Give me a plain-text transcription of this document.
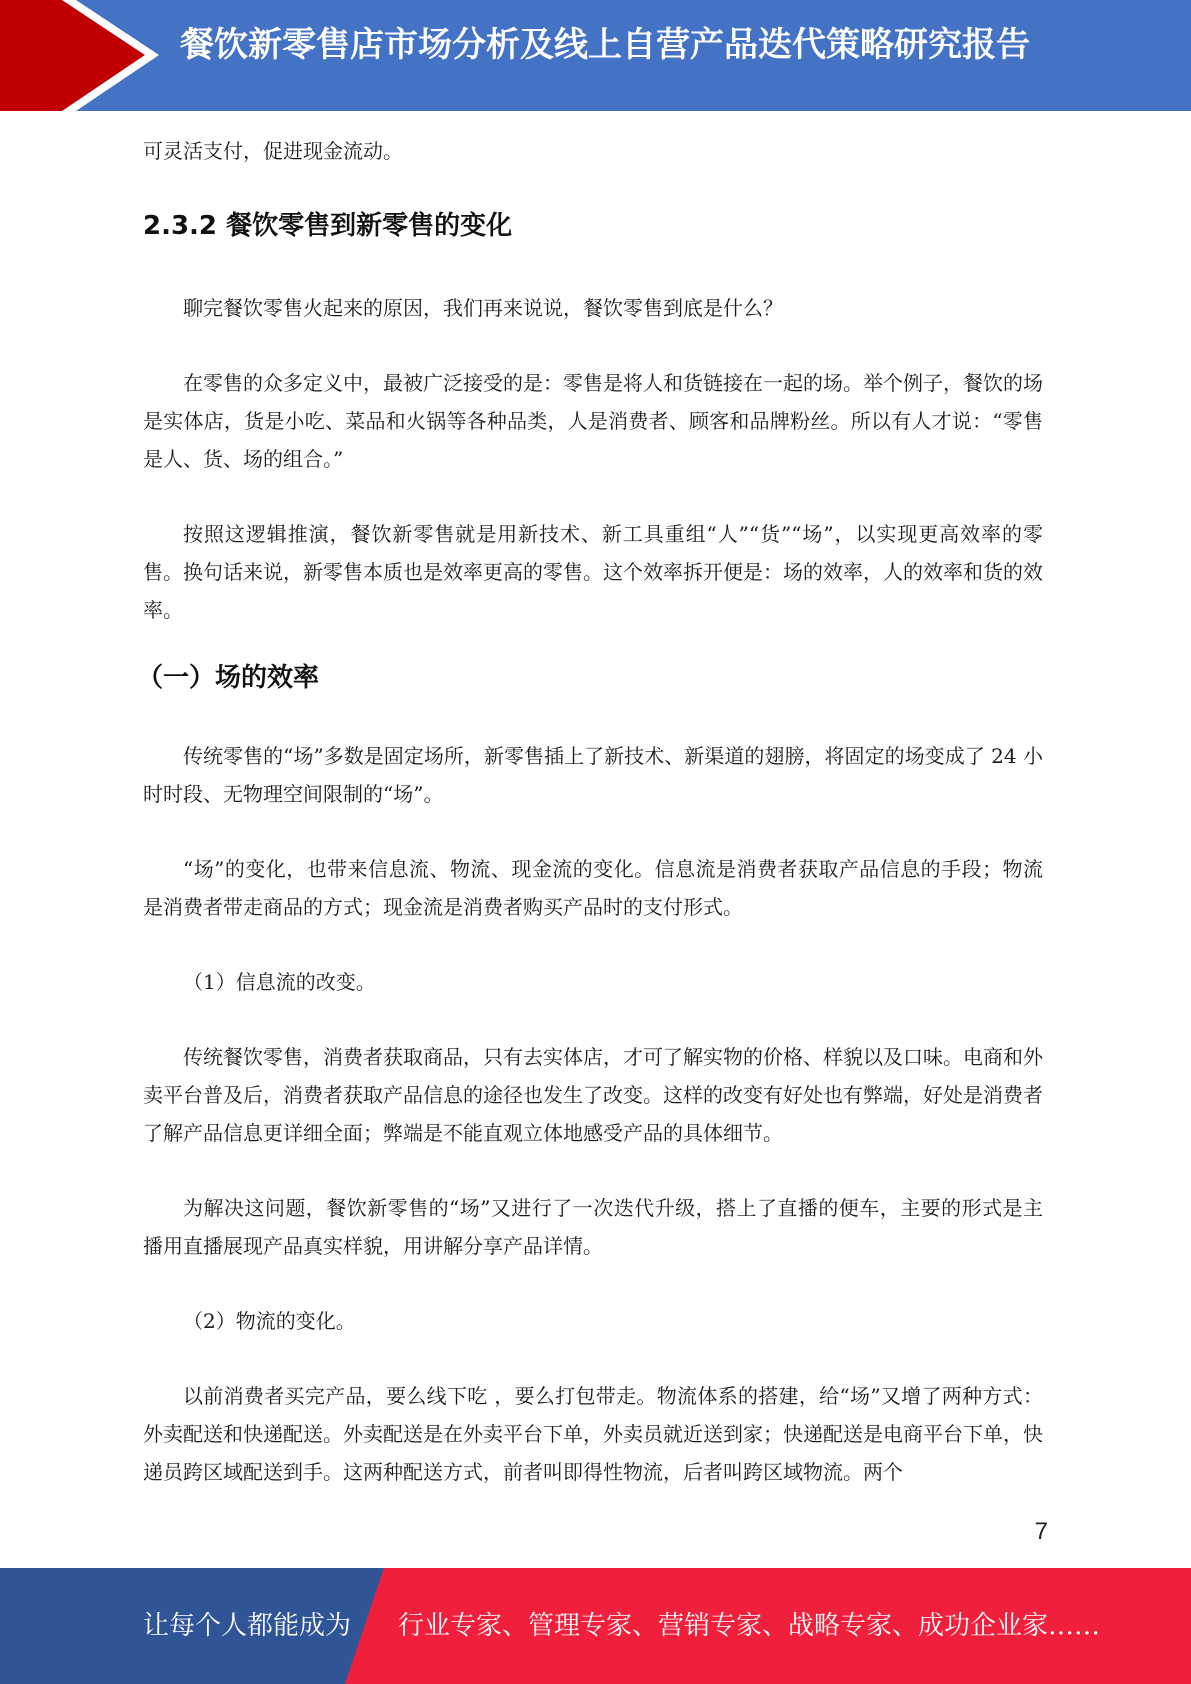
餐饮新零售店市场分析及线上自营产品迭代策略研究报告

可灵活支付，促进现金流动。

2.3.2 餐饮零售到新零售的变化

聊完餐饮零售火起来的原因，我们再来说说，餐饮零售到底是什么？

在零售的众多定义中，最被广泛接受的是：零售是将人和货链接在一起的场。举个例子，餐饮的场是实体店，货是小吃、菜品和火锅等各种品类，人是消费者、顾客和品牌粉丝。所以有人才说：“零售是人、货、场的组合。”

按照这逻辑推演，餐饮新零售就是用新技术、新工具重组“人”“货”“场”，以实现更高效率的零售。换句话来说，新零售本质也是效率更高的零售。这个效率拆开便是：场的效率，人的效率和货的效率。

（一）场的效率

传统零售的“场”多数是固定场所，新零售插上了新技术、新渠道的翅膀，将固定的场变成了 24 小时时段、无物理空间限制的“场”。

“场”的变化，也带来信息流、物流、现金流的变化。信息流是消费者获取产品信息的手段；物流是消费者带走商品的方式；现金流是消费者购买产品时的支付形式。

（1）信息流的改变。

传统餐饮零售，消费者获取商品，只有去实体店，才可了解实物的价格、样貌以及口味。电商和外卖平台普及后，消费者获取产品信息的途径也发生了改变。这样的改变有好处也有弊端，好处是消费者了解产品信息更详细全面；弊端是不能直观立体地感受产品的具体细节。

为解决这问题，餐饮新零售的“场”又进行了一次迭代升级，搭上了直播的便车，主要的形式是主播用直播展现产品真实样貌，用讲解分享产品详情。

（2）物流的变化。

以前消费者买完产品，要么线下吃 ，要么打包带走。物流体系的搭建，给“场”又增了两种方式：外卖配送和快递配送。外卖配送是在外卖平台下单，外卖员就近送到家；快递配送是电商平台下单，快递员跨区域配送到手。这两种配送方式，前者叫即得性物流，后者叫跨区域物流。两个

7
让每个人都能成为 行业专家、管理专家、营销专家、战略专家、成功企业家……
